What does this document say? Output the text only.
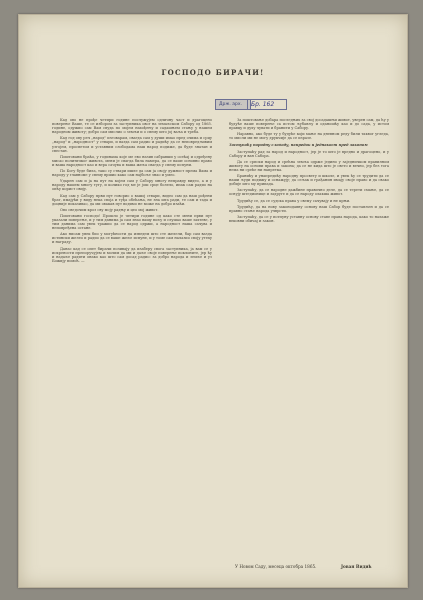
ГОСПОДО БИРАЧИ!
Држ. арх.	Бр. 162

Кад ово не прође четири године послужујем одличну част и драгоцено поверење Ваше, те се избором за заступника овог на земаљском Сабору од 1865. године, одужио сам Вам свуда по мојем нахођењу и садашњем стању у нашем народном животу; добро сам мислио о земљи и о свему што јој ваља и треба.

Кад год ову реч „народ" изговарам, свагда сам у души имао пред очима и срцу „народ" и „народност" у ствари, и вазда сам радио и радићу да се неповредљивим узгојем, просветом и уставним слободама наш народ подиже, да буде знатан и свестан.

Поштовани браћо, у годинама које ме ево назив сабравши у осећај и одређену мисао политичког живота, мени је свагда била намера, да се ваше основно право и ваша народност као и вера сачува и ваша жеља свагда у свему испуни.

По Богу буде била, тако су ствари ишле да сам ја своју дужност према Вама и народу у главноме у свему вршио како сам најбоље знао и умео.

Ударен сам и ја на пут на којем сам у Сабору многу неправду видео, а и у народу нашем многу тугу, и колико год ме је још срце болело, ипак сам радио на опћу корист свију.

Кад сам у Сабору први пут говорио о вашој ствари, видео сам да наш рођени брат, имајући у виду нека своја и туђа обећања, не зна шта ради, те сам и тада и доцније показивао, да ми овакав пут водимо не може на добро изаћи.

Ово сведочим кроз сву моју радњу и цео мој живот.

Поштовани господо! Прошло је четири године од како сте мени први пут указали поверење, и у тим данима ја сам знао вашу вољу и слушао ваше захтеве, у тим данима сам увек тражио да се народ одржи, а народност наша сачува и неповређена остане.

Ако нисам увек био у могућности да изведем што сте желели, бар сам вазда истински желео и радио да се ваше жеље испуне, и у томе сам налазио своју утеху и награду.

Данас кад се опет бирачи позивају да изаберу свога заступника, ја вам се у искрености препоручујем и молим да ми и даље своје поверење поклоните, јер ћу и надаље радити онако као што сам досад радио: за добро народа и земље и уз Божију помоћ. —

За поштовање добара последњих за свој досадашњи живот, уверен сам, да ћу у будуће ваше поверење са истом љубављу и оданошћу као и до сада, у истом правцу и духу чувати и бранити у Сабору.

Наравно, ако буде ту у будуће који мање на дневном реду били таквог угледа, то мисли ми не могу друкчије да се изразе.

Заступаћу народну слободу, напредак и једнакост пред законом

Заступаћу рад за народ и народност, јер је то што је вредно и драгоцено, и у Сабору и ван Сабора.

Да се српски народ и срећна земља одрже једино у заједничком правилном животу на основи права и закона; да се не кида што је свето и вечно, јер без тога нема ни среће ни напретка.

Бранићу и унапредићу народну просвету и школе, и увек ћу се трудити да се наши људи подижу и оснажују; да сељак и грађанин имају своје право и да свако добије што му припада.

Заступаћу, да се народне дажбине правично деле, да се терети смање, да се оснују штедионице и задруге и да се народу олакша живот.

Трудићу се, да се судска права у свему сачувају и не крњи.

Трудићу, да на нову законодавну основу наш Сабор буде постављен и да се правно стање народа учврсти.

Заступаћу, да се у потпуну уставну основу ставе права народа, како то налаже вековни обичај и закон.

У Новом Саду, месеца октобра 1865.	Јован Видић
